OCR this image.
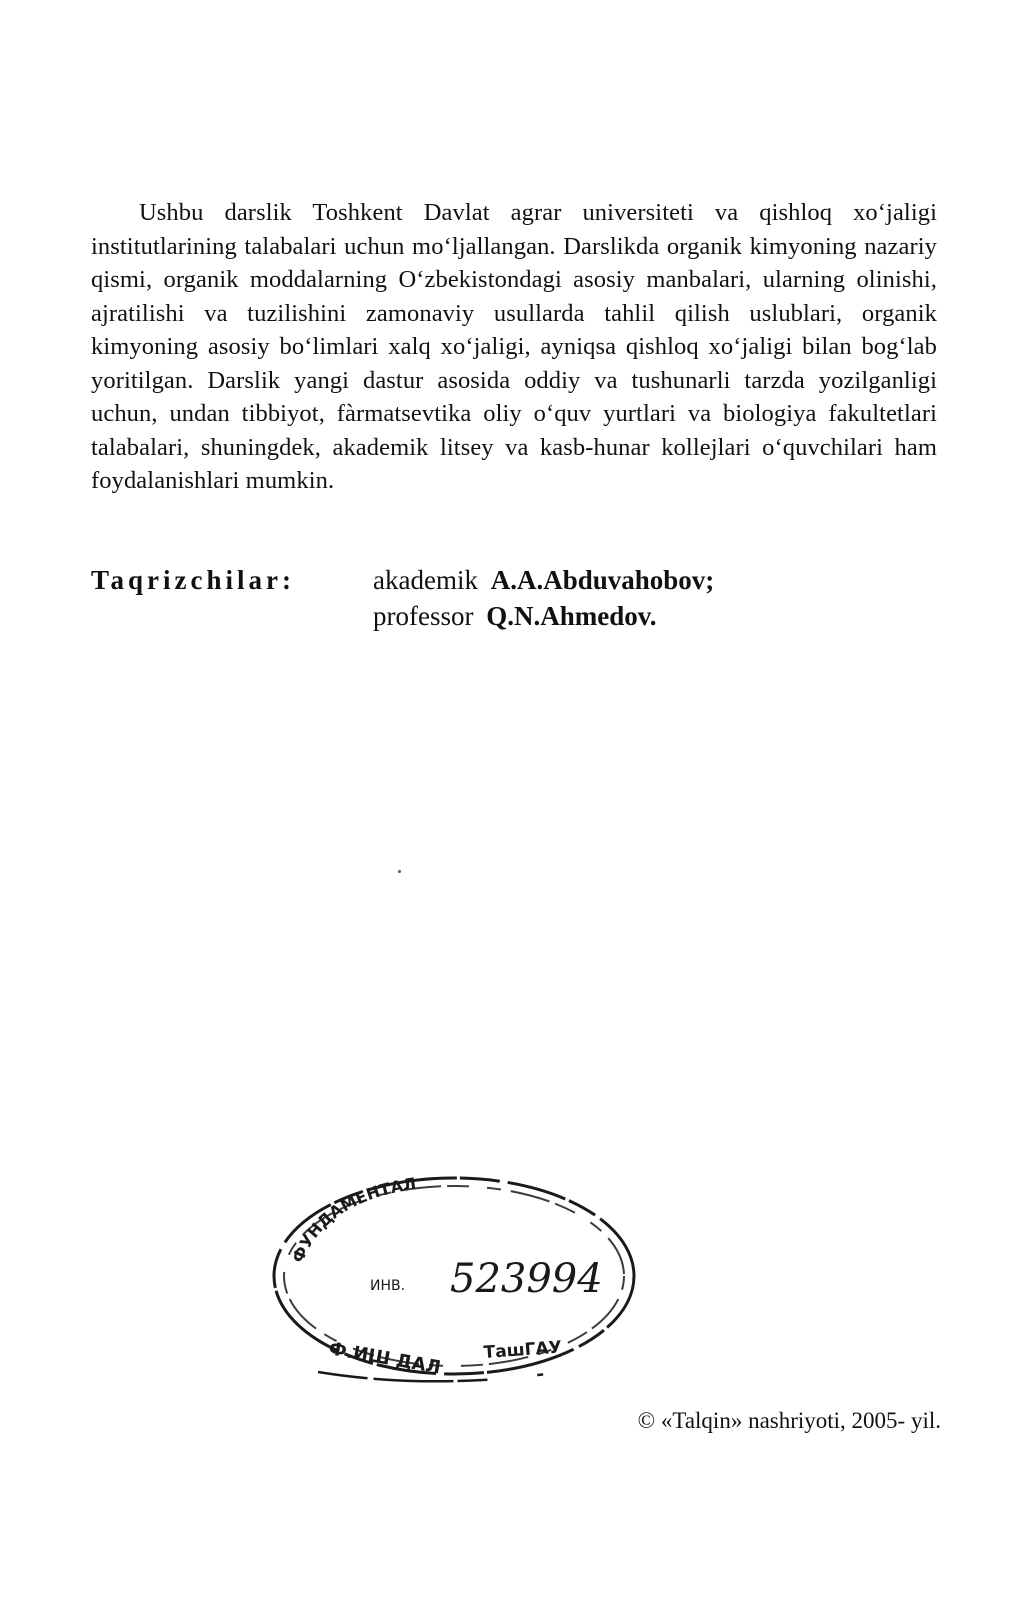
Ushbu darslik Toshkent Davlat agrar universiteti va qishloq xo‘jaligi institutlarining talabalari uchun mo‘ljallangan. Darslikda organik kimyoning nazariy qismi, organik moddalarning O‘zbekistondagi asosiy manbalari, ularning olinishi, ajratilishi va tuzilishini zamonaviy usullarda tahlil qilish uslublari, organik kimyoning asosiy bo‘limlari xalq xo‘jaligi, ayniqsa qishloq xo‘jaligi bilan bog‘lab yoritilgan. Darslik yangi dastur asosida oddiy va tushunarli tarzda yozilganligi uchun, undan tibbiyot, fàrmatsevtika oliy o‘quv yurtlari va biologiya fakultetlari talabalari, shuningdek, akademik litsey va kasb-hunar kollejlari o‘quvchilari ham foydalanishlari mumkin.

Taqrizchilar:	akademik A.A.Abduvahobov;
professor Q.N.Ahmedov.
ФУНДАМЕНТАЛ
ИНВ. 523994
Ф.ИШ ДАЛ ТашГАУ
© «Talqin» nashriyoti, 2005- yil.
